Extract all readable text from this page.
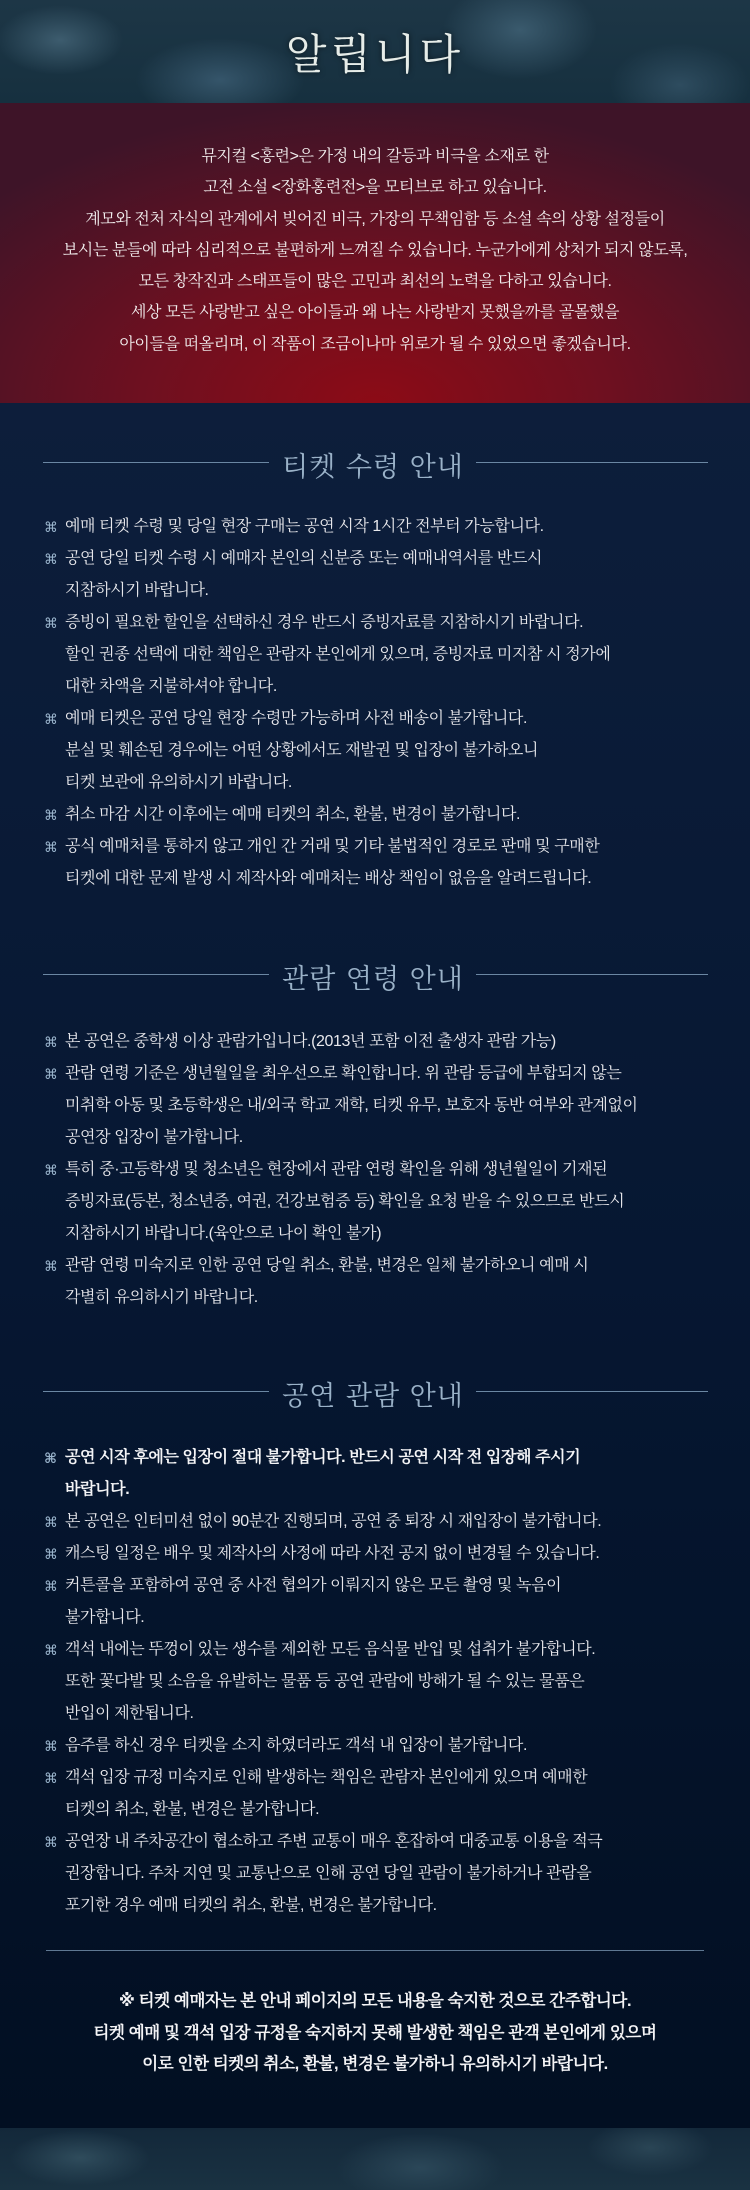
알립니다
뮤지컬 <홍련>은 가정 내의 갈등과 비극을 소재로 한
고전 소설 <장화홍련전>을 모티브로 하고 있습니다.
계모와 전처 자식의 관계에서 빚어진 비극, 가장의 무책임함 등 소설 속의 상황 설정들이
보시는 분들에 따라 심리적으로 불편하게 느껴질 수 있습니다. 누군가에게 상처가 되지 않도록,
모든 창작진과 스태프들이 많은 고민과 최선의 노력을 다하고 있습니다.
세상 모든 사랑받고 싶은 아이들과 왜 나는 사랑받지 못했을까를 골몰했을
아이들을 떠올리며, 이 작품이 조금이나마 위로가 될 수 있었으면 좋겠습니다.
티켓 수령 안내
⌘ 예매 티켓 수령 및 당일 현장 구매는 공연 시작 1시간 전부터 가능합니다.
⌘ 공연 당일 티켓 수령 시 예매자 본인의 신분증 또는 예매내역서를 반드시
지참하시기 바랍니다.
⌘ 증빙이 필요한 할인을 선택하신 경우 반드시 증빙자료를 지참하시기 바랍니다.
할인 권종 선택에 대한 책임은 관람자 본인에게 있으며, 증빙자료 미지참 시 정가에
대한 차액을 지불하셔야 합니다.
⌘ 예매 티켓은 공연 당일 현장 수령만 가능하며 사전 배송이 불가합니다.
분실 및 훼손된 경우에는 어떤 상황에서도 재발권 및 입장이 불가하오니
티켓 보관에 유의하시기 바랍니다.
⌘ 취소 마감 시간 이후에는 예매 티켓의 취소, 환불, 변경이 불가합니다.
⌘ 공식 예매처를 통하지 않고 개인 간 거래 및 기타 불법적인 경로로 판매 및 구매한
티켓에 대한 문제 발생 시 제작사와 예매처는 배상 책임이 없음을 알려드립니다.
관람 연령 안내
⌘ 본 공연은 중학생 이상 관람가입니다.(2013년 포함 이전 출생자 관람 가능)
⌘ 관람 연령 기준은 생년월일을 최우선으로 확인합니다. 위 관람 등급에 부합되지 않는
미취학 아동 및 초등학생은 내/외국 학교 재학, 티켓 유무, 보호자 동반 여부와 관계없이
공연장 입장이 불가합니다.
⌘ 특히 중·고등학생 및 청소년은 현장에서 관람 연령 확인을 위해 생년월일이 기재된
증빙자료(등본, 청소년증, 여권, 건강보험증 등) 확인을 요청 받을 수 있으므로 반드시
지참하시기 바랍니다.(육안으로 나이 확인 불가)
⌘ 관람 연령 미숙지로 인한 공연 당일 취소, 환불, 변경은 일체 불가하오니 예매 시
각별히 유의하시기 바랍니다.
공연 관람 안내
⌘ 공연 시작 후에는 입장이 절대 불가합니다. 반드시 공연 시작 전 입장해 주시기
바랍니다.
⌘ 본 공연은 인터미션 없이 90분간 진행되며, 공연 중 퇴장 시 재입장이 불가합니다.
⌘ 캐스팅 일정은 배우 및 제작사의 사정에 따라 사전 공지 없이 변경될 수 있습니다.
⌘ 커튼콜을 포함하여 공연 중 사전 협의가 이뤄지지 않은 모든 촬영 및 녹음이
불가합니다.
⌘ 객석 내에는 뚜껑이 있는 생수를 제외한 모든 음식물 반입 및 섭취가 불가합니다.
또한 꽃다발 및 소음을 유발하는 물품 등 공연 관람에 방해가 될 수 있는 물품은
반입이 제한됩니다.
⌘ 음주를 하신 경우 티켓을 소지 하였더라도 객석 내 입장이 불가합니다.
⌘ 객석 입장 규정 미숙지로 인해 발생하는 책임은 관람자 본인에게 있으며 예매한
티켓의 취소, 환불, 변경은 불가합니다.
⌘ 공연장 내 주차공간이 협소하고 주변 교통이 매우 혼잡하여 대중교통 이용을 적극
권장합니다. 주차 지연 및 교통난으로 인해 공연 당일 관람이 불가하거나 관람을
포기한 경우 예매 티켓의 취소, 환불, 변경은 불가합니다.
※ 티켓 예매자는 본 안내 페이지의 모든 내용을 숙지한 것으로 간주합니다.
티켓 예매 및 객석 입장 규정을 숙지하지 못해 발생한 책임은 관객 본인에게 있으며
이로 인한 티켓의 취소, 환불, 변경은 불가하니 유의하시기 바랍니다.
